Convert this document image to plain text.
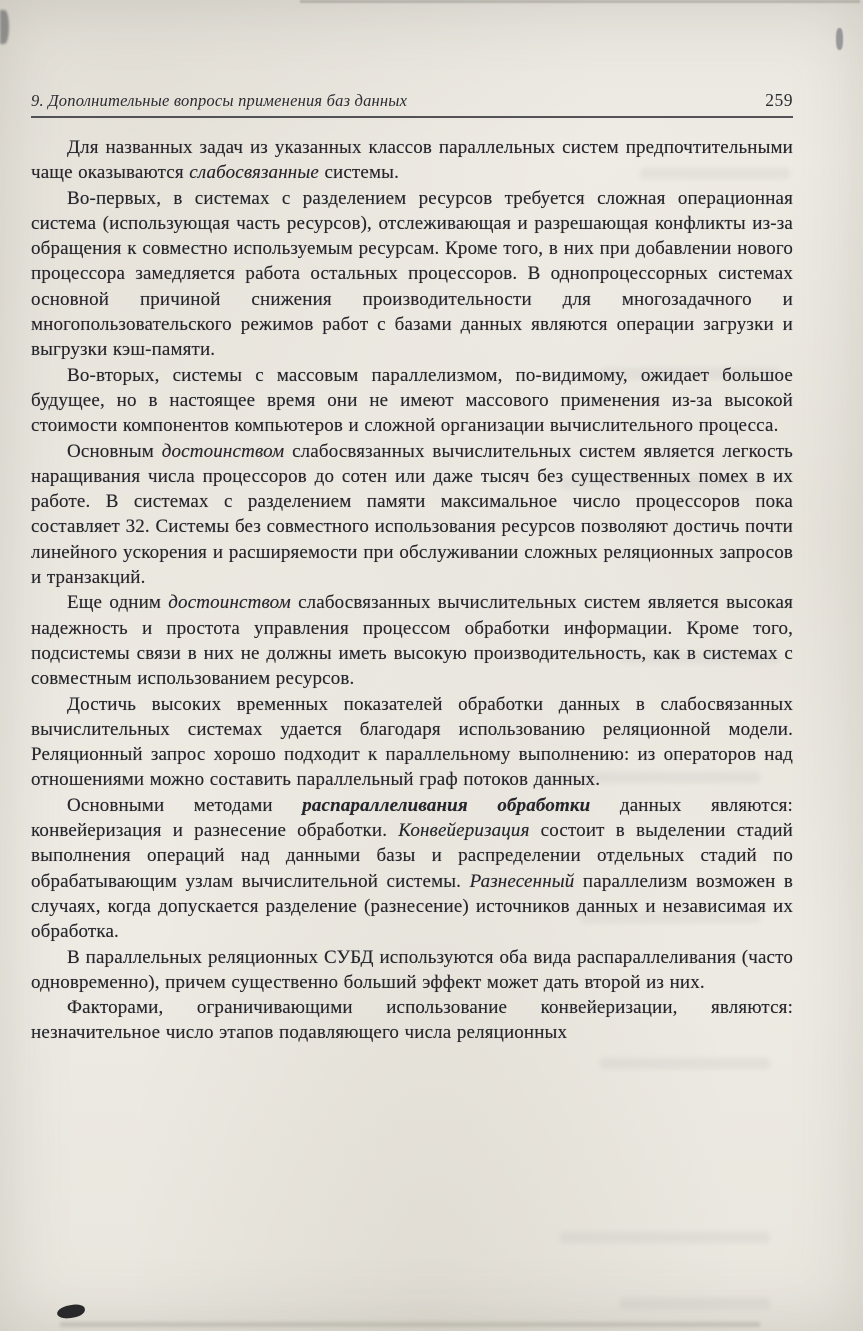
9. Дополнительные вопросы применения баз данных	259

Для названных задач из указанных классов параллельных систем предпочтительными чаще оказываются слабосвязанные системы.

Во-первых, в системах с разделением ресурсов требуется сложная операционная система (использующая часть ресурсов), отслеживающая и разрешающая конфликты из-за обращения к совместно используемым ресурсам. Кроме того, в них при добавлении нового процессора замедляется работа остальных процессоров. В однопроцессорных системах основной причиной снижения производительности для многозадачного и многопользовательского режимов работ с базами данных являются операции загрузки и выгрузки кэш-памяти.

Во-вторых, системы с массовым параллелизмом, по-видимому, ожидает большое будущее, но в настоящее время они не имеют массового применения из-за высокой стоимости компонентов компьютеров и сложной организации вычислительного процесса.

Основным достоинством слабосвязанных вычислительных систем является легкость наращивания числа процессоров до сотен или даже тысяч без существенных помех в их работе. В системах с разделением памяти максимальное число процессоров пока составляет 32. Системы без совместного использования ресурсов позволяют достичь почти линейного ускорения и расширяемости при обслуживании сложных реляционных запросов и транзакций.

Еще одним достоинством слабосвязанных вычислительных систем является высокая надежность и простота управления процессом обработки информации. Кроме того, подсистемы связи в них не должны иметь высокую производительность, как в системах с совместным использованием ресурсов.

Достичь высоких временных показателей обработки данных в слабосвязанных вычислительных системах удается благодаря использованию реляционной модели. Реляционный запрос хорошо подходит к параллельному выполнению: из операторов над отношениями можно составить параллельный граф потоков данных.

Основными методами распараллеливания обработки данных являются: конвейеризация и разнесение обработки. Конвейеризация состоит в выделении стадий выполнения операций над данными базы и распределении отдельных стадий по обрабатывающим узлам вычислительной системы. Разнесенный параллелизм возможен в случаях, когда допускается разделение (разнесение) источников данных и независимая их обработка.

В параллельных реляционных СУБД используются оба вида распараллеливания (часто одновременно), причем существенно больший эффект может дать второй из них.

Факторами, ограничивающими использование конвейеризации, являются: незначительное число этапов подавляющего числа реляционных
